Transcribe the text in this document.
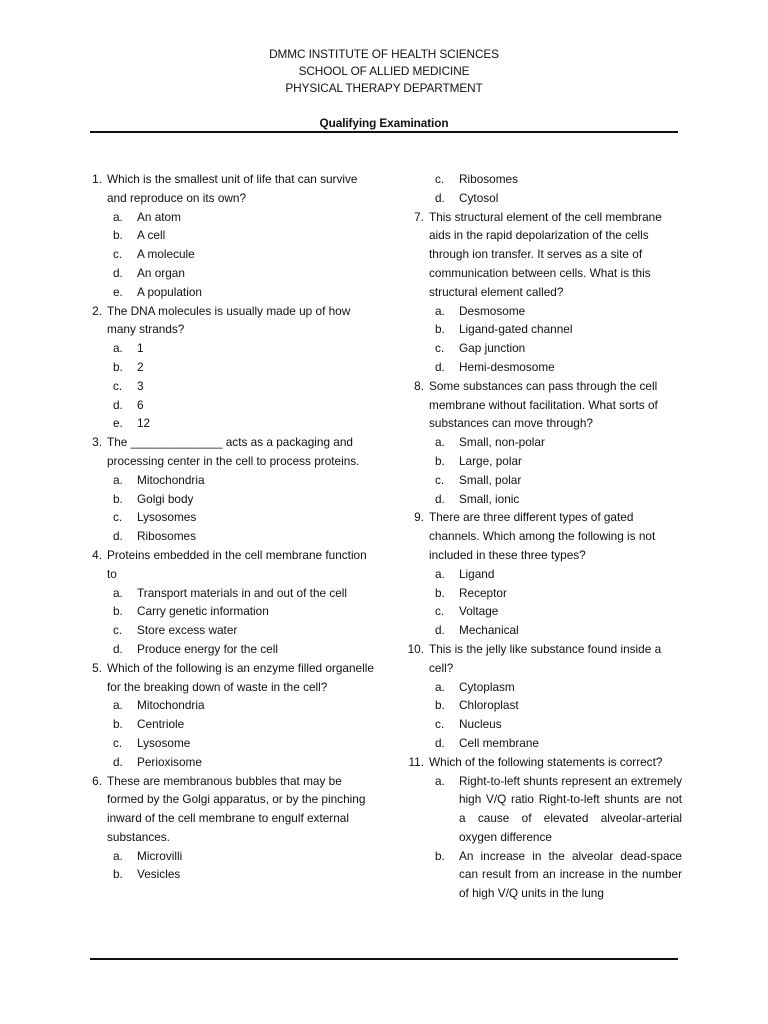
DMMC INSTITUTE OF HEALTH SCIENCES
SCHOOL OF ALLIED MEDICINE
PHYSICAL THERAPY DEPARTMENT
Qualifying Examination
1. Which is the smallest unit of life that can survive and reproduce on its own?
a. An atom
b. A cell
c. A molecule
d. An organ
e. A population
2. The DNA molecules is usually made up of how many strands?
a. 1
b. 2
c. 3
d. 6
e. 12
3. The ______________ acts as a packaging and processing center in the cell to process proteins.
a. Mitochondria
b. Golgi body
c. Lysosomes
d. Ribosomes
4. Proteins embedded in the cell membrane function to
a. Transport materials in and out of the cell
b. Carry genetic information
c. Store excess water
d. Produce energy for the cell
5. Which of the following is an enzyme filled organelle for the breaking down of waste in the cell?
a. Mitochondria
b. Centriole
c. Lysosome
d. Perioxisome
6. These are membranous bubbles that may be formed by the Golgi apparatus, or by the pinching inward of the cell membrane to engulf external substances.
a. Microvilli
b. Vesicles
c. Ribosomes
d. Cytosol
7. This structural element of the cell membrane aids in the rapid depolarization of the cells through ion transfer. It serves as a site of communication between cells. What is this structural element called?
a. Desmosome
b. Ligand-gated channel
c. Gap junction
d. Hemi-desmosome
8. Some substances can pass through the cell membrane without facilitation. What sorts of substances can move through?
a. Small, non-polar
b. Large, polar
c. Small, polar
d. Small, ionic
9. There are three different types of gated channels. Which among the following is not included in these three types?
a. Ligand
b. Receptor
c. Voltage
d. Mechanical
10. This is the jelly like substance found inside a cell?
a. Cytoplasm
b. Chloroplast
c. Nucleus
d. Cell membrane
11. Which of the following statements is correct?
a. Right-to-left shunts represent an extremely high V/Q ratio Right-to-left shunts are not a cause of elevated alveolar-arterial oxygen difference
b. An increase in the alveolar dead-space can result from an increase in the number of high V/Q units in the lung
